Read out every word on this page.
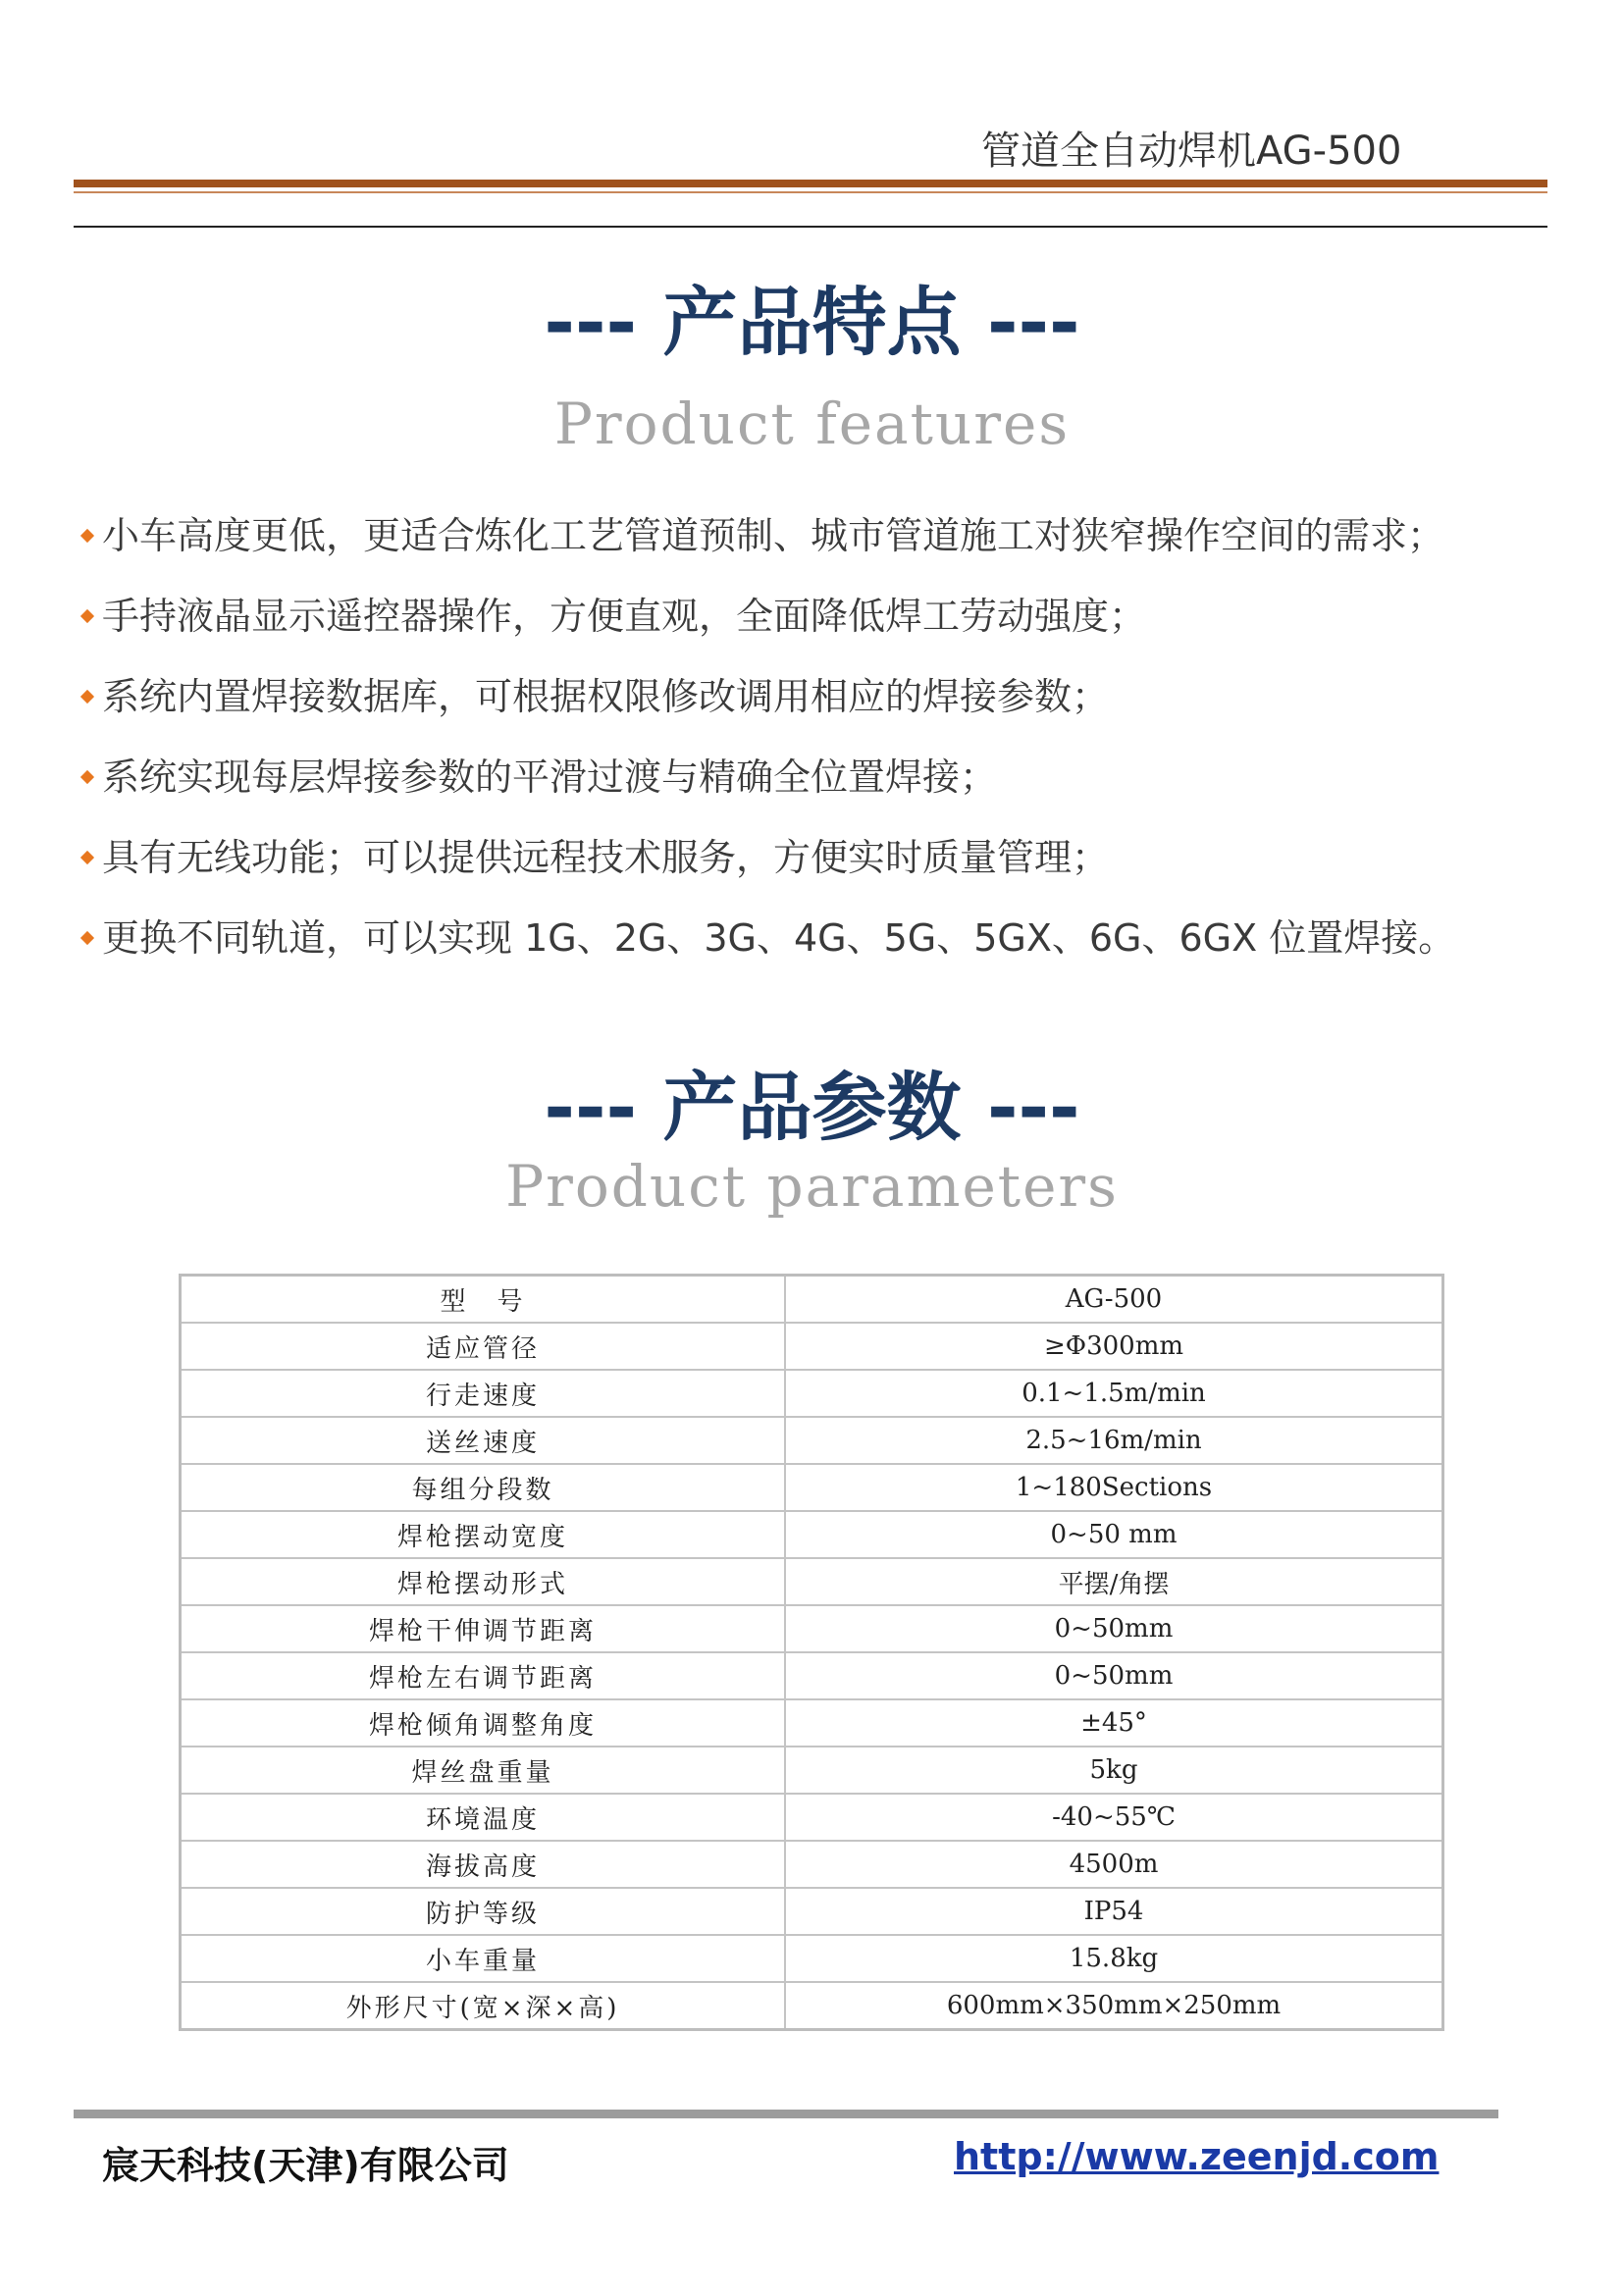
管道全自动焊机AG-500
--- 产品特点 ---
Product features
小车高度更低，更适合炼化工艺管道预制、城市管道施工对狭窄操作空间的需求；
手持液晶显示遥控器操作，方便直观，全面降低焊工劳动强度；
系统内置焊接数据库，可根据权限修改调用相应的焊接参数；
系统实现每层焊接参数的平滑过渡与精确全位置焊接；
具有无线功能；可以提供远程技术服务，方便实时质量管理；
更换不同轨道，可以实现 1G、2G、3G、4G、5G、5GX、6G、6GX 位置焊接。
--- 产品参数 ---
Product parameters
型　号	AG-500
适应管径	≥Φ300mm
行走速度	0.1~1.5m/min
送丝速度	2.5~16m/min
每组分段数	1~180Sections
焊枪摆动宽度	0~50 mm
焊枪摆动形式	平摆/角摆
焊枪干伸调节距离	0~50mm
焊枪左右调节距离	0~50mm
焊枪倾角调整角度	±45°
焊丝盘重量	5kg
环境温度	-40~55℃
海拔高度	4500m
防护等级	IP54
小车重量	15.8kg
外形尺寸(宽×深×高)	600mm×350mm×250mm
宸天科技(天津)有限公司	http://www.zeenjd.com
